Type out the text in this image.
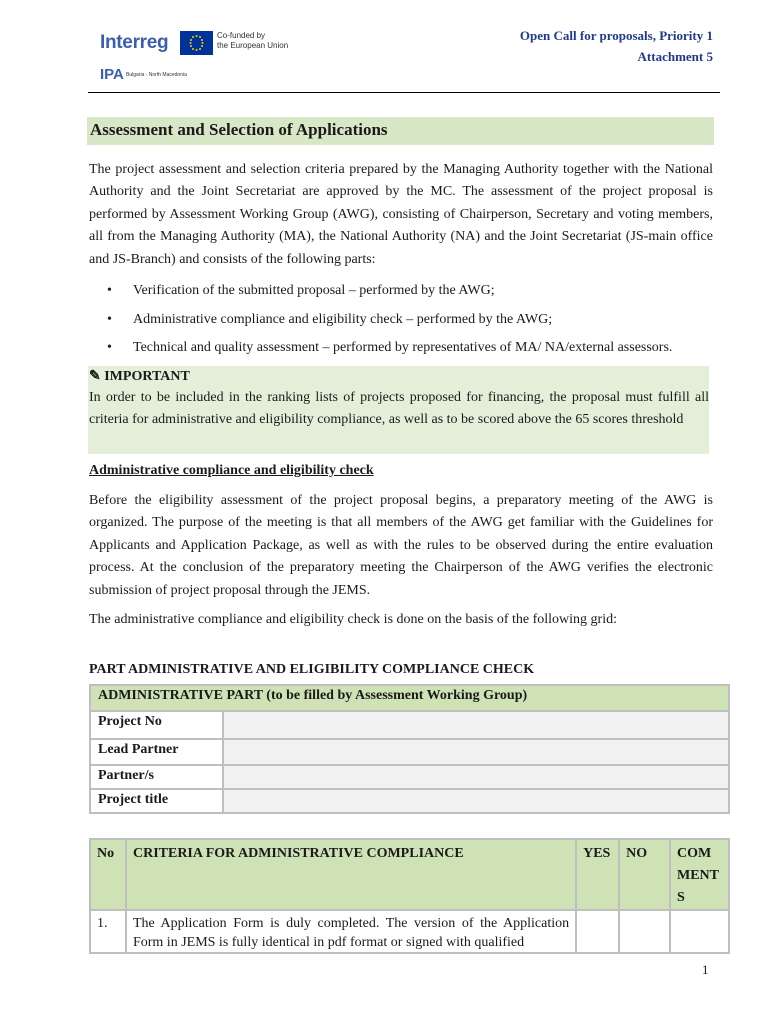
Interreg	Co-funded by
the European Union
IPA Bulgaria - North Macedonia
Open Call for proposals, Priority 1
Attachment 5
Assessment and Selection of Applications
The project assessment and selection criteria prepared by the Managing Authority together with the National Authority and the Joint Secretariat are approved by the MC. The assessment of the project proposal is performed by Assessment Working Group (AWG), consisting of Chairperson, Secretary and voting members, all from the Managing Authority (MA), the National Authority (NA) and the Joint Secretariat (JS-main office and JS-Branch) and consists of the following parts:
• Verification of the submitted proposal – performed by the AWG;
• Administrative compliance and eligibility check – performed by the AWG;
• Technical and quality assessment – performed by representatives of MA/ NA/external assessors.
✎ IMPORTANT
In order to be included in the ranking lists of projects proposed for financing, the proposal must fulfill all criteria for administrative and eligibility compliance, as well as to be scored above the 65 scores threshold
Administrative compliance and eligibility check
Before the eligibility assessment of the project proposal begins, a preparatory meeting of the AWG is organized. The purpose of the meeting is that all members of the AWG get familiar with the Guidelines for Applicants and Application Package, as well as with the rules to be observed during the entire evaluation process. At the conclusion of the preparatory meeting the Chairperson of the AWG verifies the electronic submission of project proposal through the JEMS.
The administrative compliance and eligibility check is done on the basis of the following grid:
PART ADMINISTRATIVE AND ELIGIBILITY COMPLIANCE CHECK
ADMINISTRATIVE PART (to be filled by Assessment Working Group)	
Project No	
Lead Partner	
Partner/s	
Project title	
No	CRITERIA FOR ADMINISTRATIVE COMPLIANCE	YES	NO	COM MENT S
1.	The Application Form is duly completed. The version of the Application Form in JEMS is fully identical in pdf format or signed with qualified			
1
